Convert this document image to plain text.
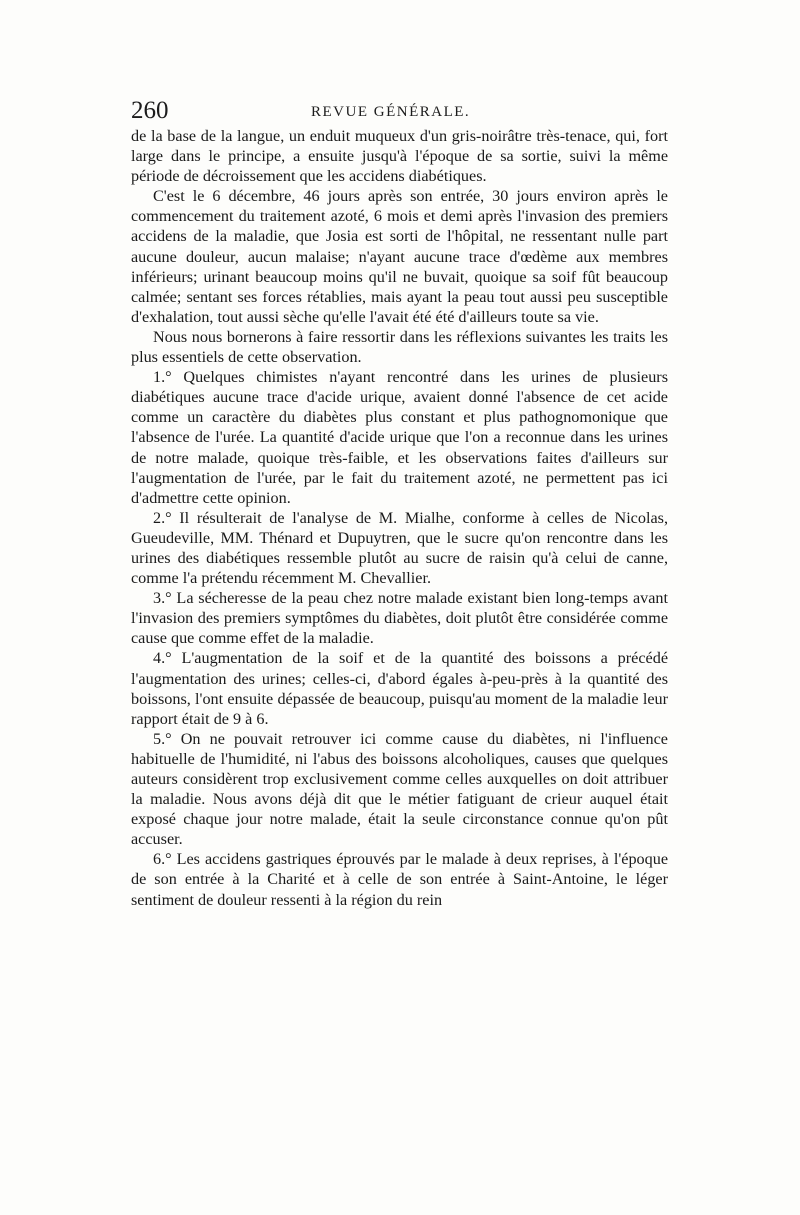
260	REVUE GÉNÉRALE.

de la base de la langue, un enduit muqueux d'un gris-noirâtre très-tenace, qui, fort large dans le principe, a ensuite jusqu'à l'époque de sa sortie, suivi la même période de décroissement que les accidens diabétiques.

C'est le 6 décembre, 46 jours après son entrée, 30 jours environ après le commencement du traitement azoté, 6 mois et demi après l'invasion des premiers accidens de la maladie, que Josia est sorti de l'hôpital, ne ressentant nulle part aucune douleur, aucun malaise; n'ayant aucune trace d'œdème aux membres inférieurs; urinant beaucoup moins qu'il ne buvait, quoique sa soif fût beaucoup calmée; sentant ses forces rétablies, mais ayant la peau tout aussi peu susceptible d'exhalation, tout aussi sèche qu'elle l'avait été été d'ailleurs toute sa vie.

Nous nous bornerons à faire ressortir dans les réflexions suivantes les traits les plus essentiels de cette observation.

1.° Quelques chimistes n'ayant rencontré dans les urines de plusieurs diabétiques aucune trace d'acide urique, avaient donné l'absence de cet acide comme un caractère du diabètes plus constant et plus pathognomonique que l'absence de l'urée. La quantité d'acide urique que l'on a reconnue dans les urines de notre malade, quoique très-faible, et les observations faites d'ailleurs sur l'augmentation de l'urée, par le fait du traitement azoté, ne permettent pas ici d'admettre cette opinion.

2.° Il résulterait de l'analyse de M. Mialhe, conforme à celles de Nicolas, Gueudeville, MM. Thénard et Dupuytren, que le sucre qu'on rencontre dans les urines des diabétiques ressemble plutôt au sucre de raisin qu'à celui de canne, comme l'a prétendu récemment M. Chevallier.

3.° La sécheresse de la peau chez notre malade existant bien long-temps avant l'invasion des premiers symptômes du diabètes, doit plutôt être considérée comme cause que comme effet de la maladie.

4.° L'augmentation de la soif et de la quantité des boissons a précédé l'augmentation des urines; celles-ci, d'abord égales à-peu-près à la quantité des boissons, l'ont ensuite dépassée de beaucoup, puisqu'au moment de la maladie leur rapport était de 9 à 6.

5.° On ne pouvait retrouver ici comme cause du diabètes, ni l'influence habituelle de l'humidité, ni l'abus des boissons alcoholiques, causes que quelques auteurs considèrent trop exclusivement comme celles auxquelles on doit attribuer la maladie. Nous avons déjà dit que le métier fatiguant de crieur auquel était exposé chaque jour notre malade, était la seule circonstance connue qu'on pût accuser.

6.° Les accidens gastriques éprouvés par le malade à deux reprises, à l'époque de son entrée à la Charité et à celle de son entrée à Saint-Antoine, le léger sentiment de douleur ressenti à la région du rein
